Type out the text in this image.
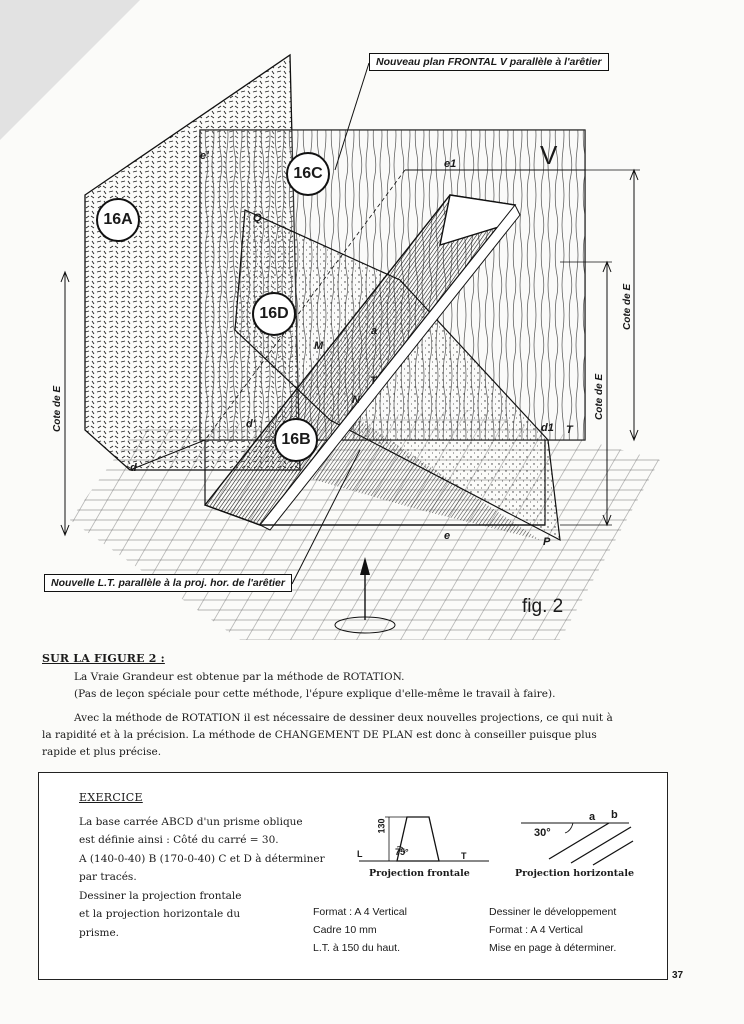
Nouveau plan FRONTAL V parallèle à l'arêtier
Nouvelle L.T. parallèle à la proj. hor. de l'arêtier
16A
16C
16D
16B
V
Q
M
N
T
e	P
d
e'
d'
e1
d1
a
T
Cote de E
Cote de E
Cote de E
fig. 2
SUR LA FIGURE 2 :
La Vraie Grandeur est obtenue par la méthode de ROTATION.
(Pas de leçon spéciale pour cette méthode, l'épure explique d'elle-même le travail à faire).
Avec la méthode de ROTATION il est nécessaire de dessiner deux nouvelles projections, ce qui nuit à la rapidité et à la précision. La méthode de CHANGEMENT DE PLAN est donc à conseiller puisque plus rapide et plus précise.
EXERCICE
La base carrée ABCD d'un prisme oblique
est définie ainsi : Côté du carré = 30.
A (140-0-40) B (170-0-40) C et D à déterminer
par tracés.
Dessiner la projection frontale
et la projection horizontale du
prisme.
130
75°
L	T
30°
a b
Projection frontale	Projection horizontale
Format : A 4 Vertical
Cadre 10 mm
L.T. à 150 du haut.
Dessiner le développement
Format : A 4 Vertical
Mise en page à déterminer.
37
